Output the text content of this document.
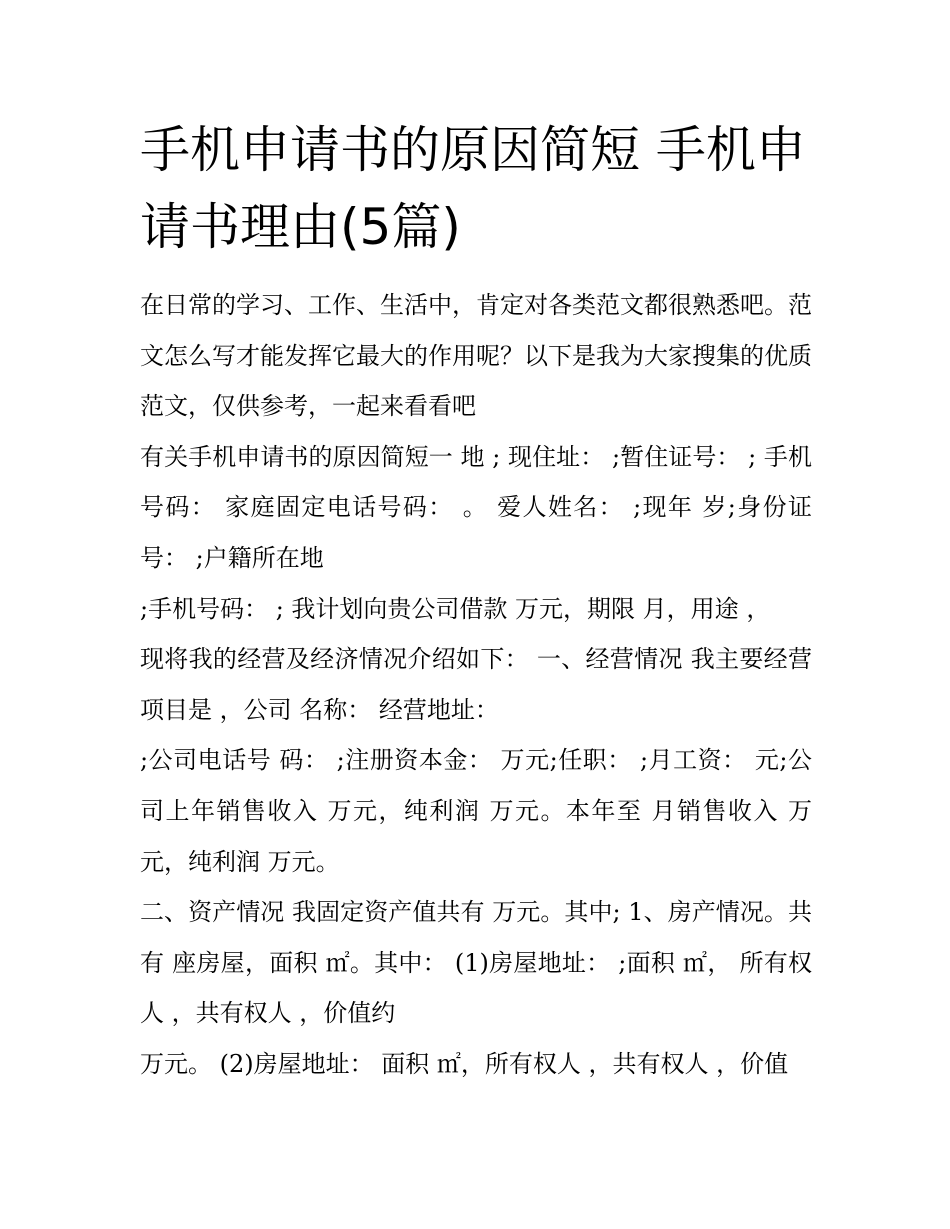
手机申请书的原因简短 手机申请书理由(5篇)

在日常的学习、工作、生活中，肯定对各类范文都很熟悉吧。范文怎么写才能发挥它最大的作用呢？以下是我为大家搜集的优质范文，仅供参考，一起来看看吧

有关手机申请书的原因简短一 地 ; 现住址： ;暂住证号： ; 手机号码： 家庭固定电话号码： 。 爱人姓名： ;现年 岁;身份证号： ;户籍所在地

;手机号码： ; 我计划向贵公司借款 万元，期限 月，用途 ，

现将我的经营及经济情况介绍如下： 一、经营情况 我主要经营项目是 ，公司 名称： 经营地址：

;公司电话号 码： ;注册资本金： 万元;任职： ;月工资： 元;公司上年销售收入 万元，纯利润 万元。本年至 月销售收入 万元，纯利润 万元。

二、资产情况 我固定资产值共有 万元。其中; 1、房产情况。共有 座房屋，面积 ㎡。其中： (1)房屋地址： ;面积 ㎡， 所有权人 ，共有权人 ，价值约

万元。 (2)房屋地址： 面积 ㎡，所有权人 ，共有权人 ，价值
